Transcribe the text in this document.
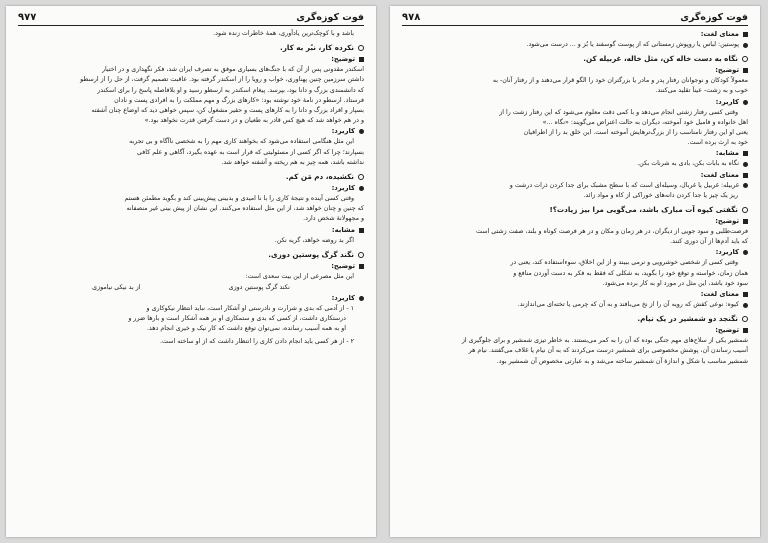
فوت کوزه‌گری
۹۷۷
باشد و با کوچک‌ترین یادآوری، همهٔ خاطرات زنده شود.
نکرده کار، نبُر به کار.
توضیح:
اسکندر مقدونی پس از آن که با جنگ‌های بسیاری موفق به تصرف ایران شد، فکر نگهداری و در اختیار
داشتن سرزمین چنین پهناوری، خواب و رویا را از اسکندر گرفته بود. عاقبت تصمیم گرفت، از حل را از ارسطو
که دانشمندی بزرگ و دانا بود، بپرسد. پیغام اسکندر به ارسطو رسید و او بلافاصله پاسخ را برای اسکندر
فرستاد. ارسطو در نامهٔ خود نوشته بود: «کارهای بزرگ و مهم مملکت را به افرادی پست و نادان
بسپار و افراد بزرگ و دانا را به کارهای پست و حقیر مشغول کن، سپس خواهی دید که اوضاع چنان آشفته
و در هم خواهد شد که هیچ کس قادر به طغیان و در دست گرفتن قدرت نخواهد بود.»
کاربرد:
این مثل هنگامی استفاده می‌شود که بخواهند کاری مهم را به شخصی ناآگاه و بی تجربه
بسپارند؛ چرا که اگر کسی از مسئولیتی که قرار است به عهده بگیرد، آگاهی و علم کافی
نداشته باشد، همه چیز به هم ریخته و آشفته خواهد شد.
نکشیده، دم مَن کم.
کاربرد:
وقتی کسی آینده و نتیجهٔ کاری را با نا امیدی و بدبینی پیش‌بینی کند و بگوید مطمئن هستم
که چنین و چنان خواهد شد، از این مثل استفاده می‌کنند. این نشان از پیش بینی غیر منصفانه
و مجهولانهٔ شخص دارد.
مشابه:
اگر بد روضه خواهد، گریه نکن.
نگند گرگ پوستین‌ دوزی.
توضیح:
این مثل مصرعی از این بیت سعدی است:
نکند گرگ پوستین دوزی
از بد نیکی نیاموزی
کاربرد:
۱ - از آدمی که بدی و شرارت و نادرستی او آشکار است، نباید انتظار نیکوکاری و
درستکاری داشت، از کسی که بدی و ستمکاری او بر همه آشکار است و بارها ضرر و
او به همه آسیب رسانده، نمی‌توان توقع داشت که کار نیک و خیری انجام دهد.
۲ - از هر کسی باید انجام دادن کاری را انتظار داشت که از او ساخته است.
فوت کوزه‌گری
۹۷۸
معنای لغت:
پوستین: لباس یا روپوش زمستانی که از پوست گوسفند یا بُز و ... درست می‌شود.
نگاه به دست خاله کن، مثل خاله، غربیله کن.
توضیح:
معمولاً کودکان و نوجوانان رفتار پدر و مادر یا بزرگتران خود را الگو قرار می‌دهند و از رفتار آنان- به
خوب و به زشت- عیناً تقلید می‌کنند.
کاربرد:
وقتی کسی رفتار زشتی انجام می‌دهد و با کمی دقت معلوم می‌شود که این رفتار زشت را از
اهل خانواده و فامیل خود آموخته، دیگران به حالت اعتراض می‌گویند: «نگاه ...»
یعنی او این رفتار نامناسب را از بزرگ‌ترهایش آموخته است. این خلق بد را از اطرافیان
خود به ارث برده است.
مشابه:
نگاه به بابات بکن، بادی به شرنات بکن.
معنای لغت:
غربیله: غربیل یا غربال، وسیله‌ای است که با سطح مشبک برای جدا کردن ذرات درشت و
ریز یک چیز یا جدا کردن دانه‌های خوراکی از کاه و مواد زائد.
نگفتی کیوه آت مبارک باشد، می‌گویی مرا بیز زیادت؟!
توضیح:
فرصت‌طلبی و سود جویی از دیگران، در هر زمان و مکان و در هر فرصت کوتاه و بلند، صفت زشتی است
که باید آدم‌ها از آن دوری کنند.
کاربرد:
وقتی کسی از شخصی خوشرویی و نرمی ببیند و از این اخلاق، سوءاستفاده کند، یعنی در
همان زمان، خواسته و توقع خود را بگوید، به شکلی که فقط به فکر به دست آوردن منافع و
سود خود باشد، این مثل در مورد او به کار برده می‌شود.
معنای لغت:
کیوه: نوعی کفش که رویه آن را از نخ می‌بافند و به آن که چرمی یا تخته‌ای می‌اندازند.
نگنجد دو شمشیر در یک نیام.
توضیح:
شمشیر یکی از سلاح‌های مهم جنگی بوده که آن را به کمر می‌بستند. به خاطر تیزی شمشیر و برای جلوگیری از
آسیب رساندن آن، پوشش مخصوصی برای شمشیر درست می‌کردند که به آن نیام یا غلاف می‌گفتند. نیام هر
شمشیر مناسب با شکل و اندازهٔ آن شمشیر ساخته می‌شد و به عبارتی مخصوص آن شمشیر بود.
